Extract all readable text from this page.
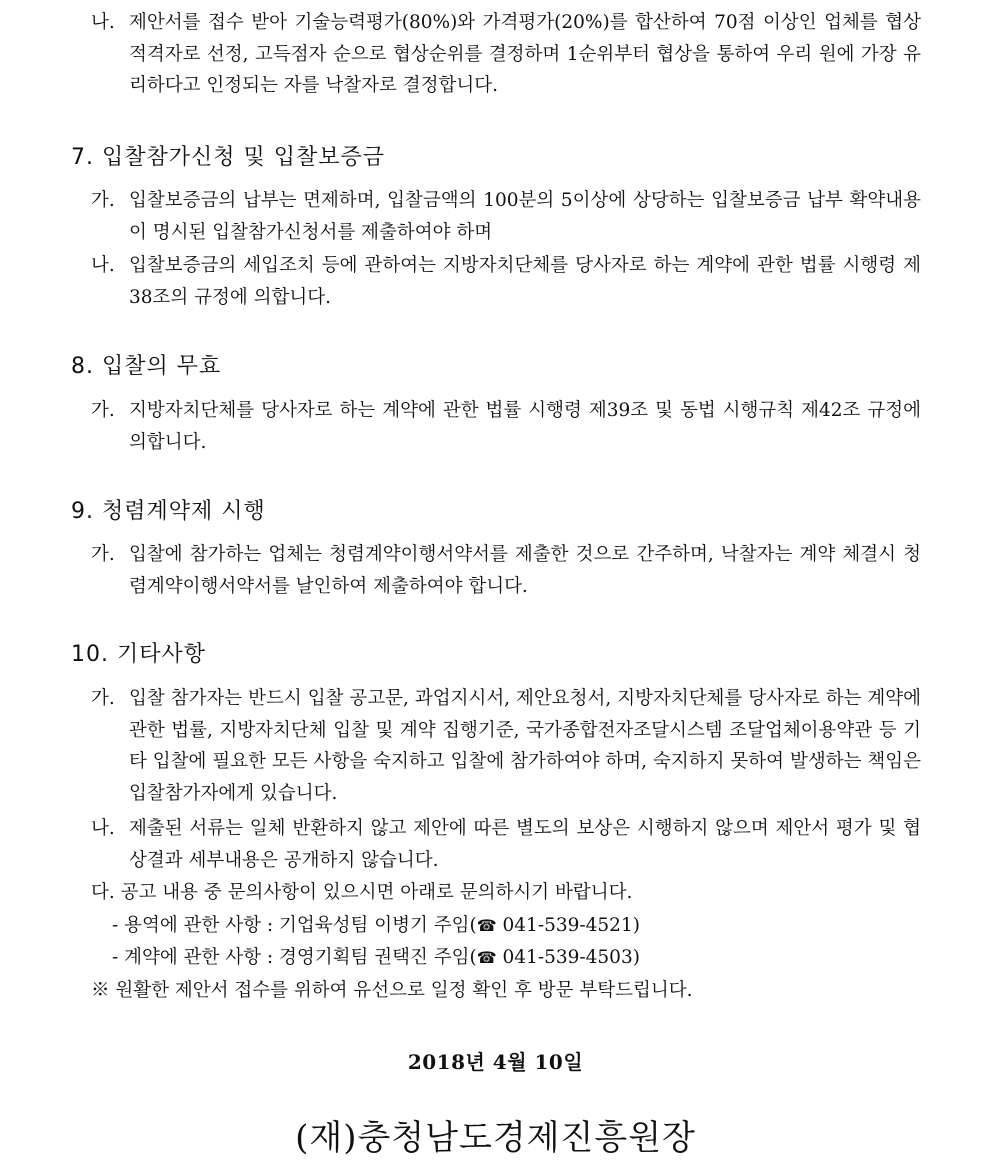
나. 제안서를 접수 받아 기술능력평가(80%)와 가격평가(20%)를 합산하여 70점 이상인 업체를 협상적격자로 선정, 고득점자 순으로 협상순위를 결정하며 1순위부터 협상을 통하여 우리 원에 가장 유리하다고 인정되는 자를 낙찰자로 결정합니다.
7. 입찰참가신청 및 입찰보증금
가. 입찰보증금의 납부는 면제하며, 입찰금액의 100분의 5이상에 상당하는 입찰보증금 납부 확약내용이 명시된 입찰참가신청서를 제출하여야 하며
나. 입찰보증금의 세입조치 등에 관하여는 지방자치단체를 당사자로 하는 계약에 관한 법률 시행령 제38조의 규정에 의합니다.
8. 입찰의 무효
가. 지방자치단체를 당사자로 하는 계약에 관한 법률 시행령 제39조 및 동법 시행규칙 제42조 규정에 의합니다.
9. 청렴계약제 시행
가. 입찰에 참가하는 업체는 청렴계약이행서약서를 제출한 것으로 간주하며, 낙찰자는 계약 체결시 청렴계약이행서약서를 날인하여 제출하여야 합니다.
10. 기타사항
가. 입찰 참가자는 반드시 입찰 공고문, 과업지시서, 제안요청서, 지방자치단체를 당사자로 하는 계약에 관한 법률, 지방자치단체 입찰 및 계약 집행기준, 국가종합전자조달시스템 조달업체이용약관 등 기타 입찰에 필요한 모든 사항을 숙지하고 입찰에 참가하여야 하며, 숙지하지 못하여 발생하는 책임은 입찰참가자에게 있습니다.
나. 제출된 서류는 일체 반환하지 않고 제안에 따른 별도의 보상은 시행하지 않으며 제안서 평가 및 협상결과 세부내용은 공개하지 않습니다.
다. 공고 내용 중 문의사항이 있으시면 아래로 문의하시기 바랍니다.
- 용역에 관한 사항 : 기업육성팀 이병기 주임(☎ 041-539-4521)
- 계약에 관한 사항 : 경영기획팀 권택진 주임(☎ 041-539-4503)
※ 원활한 제안서 접수를 위하여 유선으로 일정 확인 후 방문 부탁드립니다.
2018년 4월 10일
(재)충청남도경제진흥원장
